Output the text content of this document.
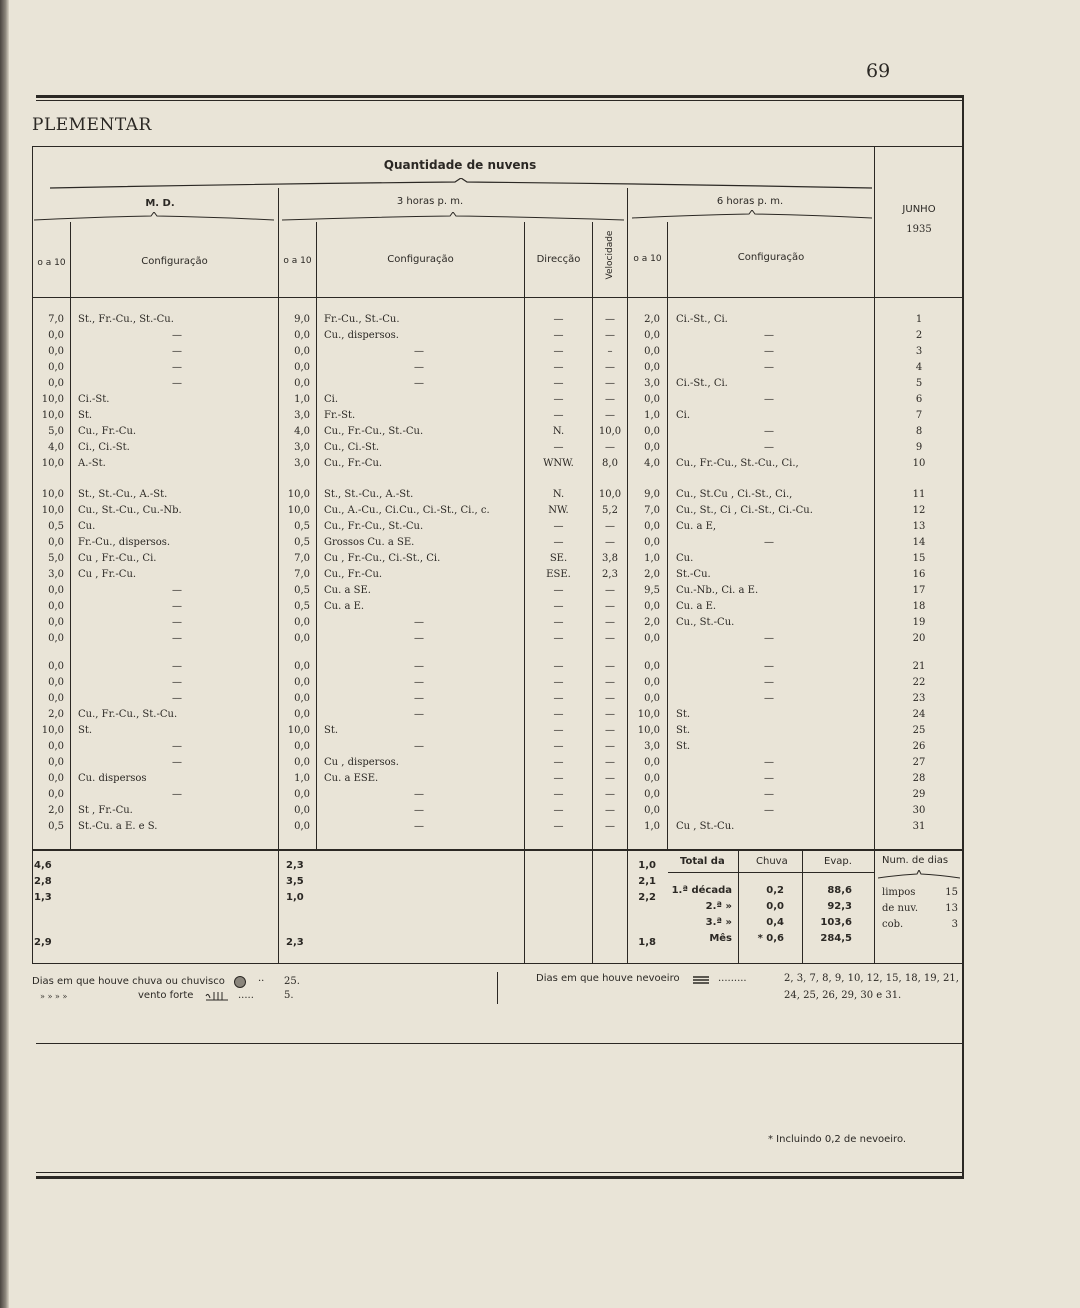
69
PLEMENTAR
Quantidade de nuvens
M. D.	3 horas p. m.	6 horas p. m.
JUNHO
1935
o a 10	Configuração	o a 10	Configuração	Direcção	Velocidade	o a 10	Configuração
7,0 St., Fr.-Cu., St.-Cu.	9,0 Fr.-Cu., St.-Cu.	—	—	2,0 Ci.-St., Ci.	1
0,0	—	0,0 Cu., dispersos.	—	—	0,0	—	2
0,0	—	0,0	—	—	–	0,0	—	3
0,0	—	0,0	—	—	—	0,0	—	4
0,0	—	0,0	—	—	—	3,0 Ci.-St., Ci.	5
10,0 Ci.-St.	1,0 Ci.	—	—	0,0	—	6
10,0 St.	3,0 Fr.-St.	—	—	1,0 Ci.	7
5,0 Cu., Fr.-Cu.	4,0 Cu., Fr.-Cu., St.-Cu.	N.	10,0	0,0	—	8
4,0 Ci., Ci.-St.	3,0 Cu., Ci.-St.	—	—	0,0	—	9
10,0 A.-St.	3,0 Cu., Fr.-Cu.	WNW.	8,0	4,0 Cu., Fr.-Cu., St.-Cu., Ci.,	10
10,0 St., St.-Cu., A.-St.	10,0 St., St.-Cu., A.-St.	N.	10,0	9,0 Cu., St.Cu , Ci.-St., Ci.,	11
10,0 Cu., St.-Cu., Cu.-Nb.	10,0 Cu., A.-Cu., Ci.Cu., Ci.-St., Ci., c.	NW.	5,2	7,0 Cu., St., Ci , Ci.-St., Ci.-Cu.	12
0,5 Cu.	0,5 Cu., Fr.-Cu., St.-Cu.	—	—	0,0 Cu. a E,	13
0,0 Fr.-Cu., dispersos.	0,5 Grossos Cu. a SE.	—	—	0,0	—	14
5,0 Cu , Fr.-Cu., Ci.	7,0 Cu , Fr.-Cu., Ci.-St., Ci.	SE.	3,8	1,0 Cu.	15
3,0 Cu , Fr.-Cu.	7,0 Cu., Fr.-Cu.	ESE.	2,3	2,0 St.-Cu.	16
0,0	—	0,5 Cu. a SE.	—	—	9,5 Cu.-Nb., Ci. a E.	17
0,0	—	0,5 Cu. a E.	—	—	0,0 Cu. a E.	18
0,0	—	0,0	—	—	—	2,0 Cu., St.-Cu.	19
0,0	—	0,0	—	—	—	0,0	—	20
0,0	—	0,0	—	—	—	0,0	—	21
0,0	—	0,0	—	—	—	0,0	—	22
0,0	—	0,0	—	—	—	0,0	—	23
2,0 Cu., Fr.-Cu., St.-Cu.	0,0	—	—	—	10,0 St.	24
10,0 St.	10,0 St.	—	—	10,0 St.	25
0,0	—	0,0	—	—	—	3,0 St.	26
0,0	—	0,0 Cu , dispersos.	—	—	0,0	—	27
0,0 Cu. dispersos	1,0 Cu. a ESE.	—	—	0,0	—	28
0,0	—	0,0	—	—	—	0,0	—	29
2,0 St , Fr.-Cu.	0,0	—	—	—	0,0	—	30
0,5 St.-Cu. a E. e S.	0,0	—	—	—	1,0 Cu , St.-Cu.	31
Total da	Chuva	Evap.	Num. de dias
4,6	2,3	1,0
2,8	3,5	2,1
1,3	1,0	2,2
2,9	2,3	1,8
1.ª década	0,2	88,6
2.ª »	0,0	92,3
3.ª »	0,4	103,6
Mês	* 0,6	284,5
limpos	15
de nuv.	13
cob.	3
Dias em que houve chuva ou chuvisco	·· 25.
» » » »	vento forte	.....	5.
Dias em que houve nevoeiro	.........	2, 3, 7, 8, 9, 10, 12, 15, 18, 19, 21,
24, 25, 26, 29, 30 e 31.
* Incluindo 0,2 de nevoeiro.
